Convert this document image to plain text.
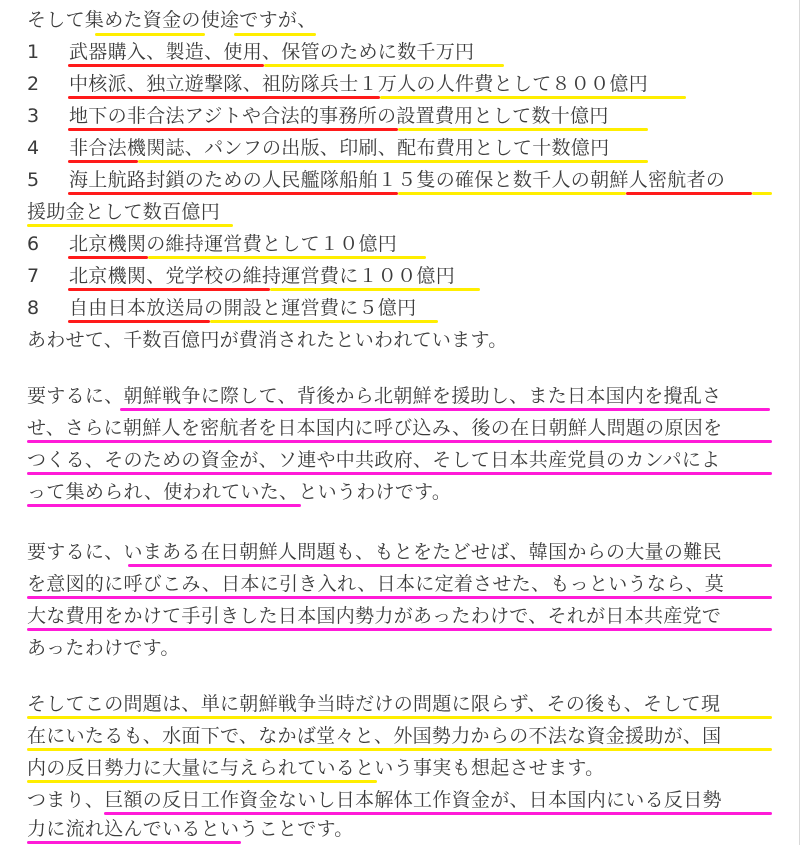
そして集めた資金の使途ですが、
1 武器購入、製造、使用、保管のために数千万円
2 中核派、独立遊撃隊、祖防隊兵士１万人の人件費として８００億円
3 地下の非合法アジトや合法的事務所の設置費用として数十億円
4 非合法機関誌、パンフの出版、印刷、配布費用として十数億円
5 海上航路封鎖のための人民艦隊船舶１５隻の確保と数千人の朝鮮人密航者の
援助金として数百億円
6 北京機関の維持運営費として１０億円
7 北京機関、党学校の維持運営費に１００億円
8 自由日本放送局の開設と運営費に５億円
あわせて、千数百億円が費消されたといわれています。
要するに、朝鮮戦争に際して、背後から北朝鮮を援助し、また日本国内を攪乱さ
せ、さらに朝鮮人を密航者を日本国内に呼び込み、後の在日朝鮮人問題の原因を
つくる、そのための資金が、ソ連や中共政府、そして日本共産党員のカンパによ
って集められ、使われていた、というわけです。
要するに、いまある在日朝鮮人問題も、もとをたどせば、韓国からの大量の難民
を意図的に呼びこみ、日本に引き入れ、日本に定着させた、もっというなら、莫
大な費用をかけて手引きした日本国内勢力があったわけで、それが日本共産党で
あったわけです。
そしてこの問題は、単に朝鮮戦争当時だけの問題に限らず、その後も、そして現
在にいたるも、水面下で、なかば堂々と、外国勢力からの不法な資金援助が、国
内の反日勢力に大量に与えられているという事実も想起させます。
つまり、巨額の反日工作資金ないし日本解体工作資金が、日本国内にいる反日勢
力に流れ込んでいるということです。
